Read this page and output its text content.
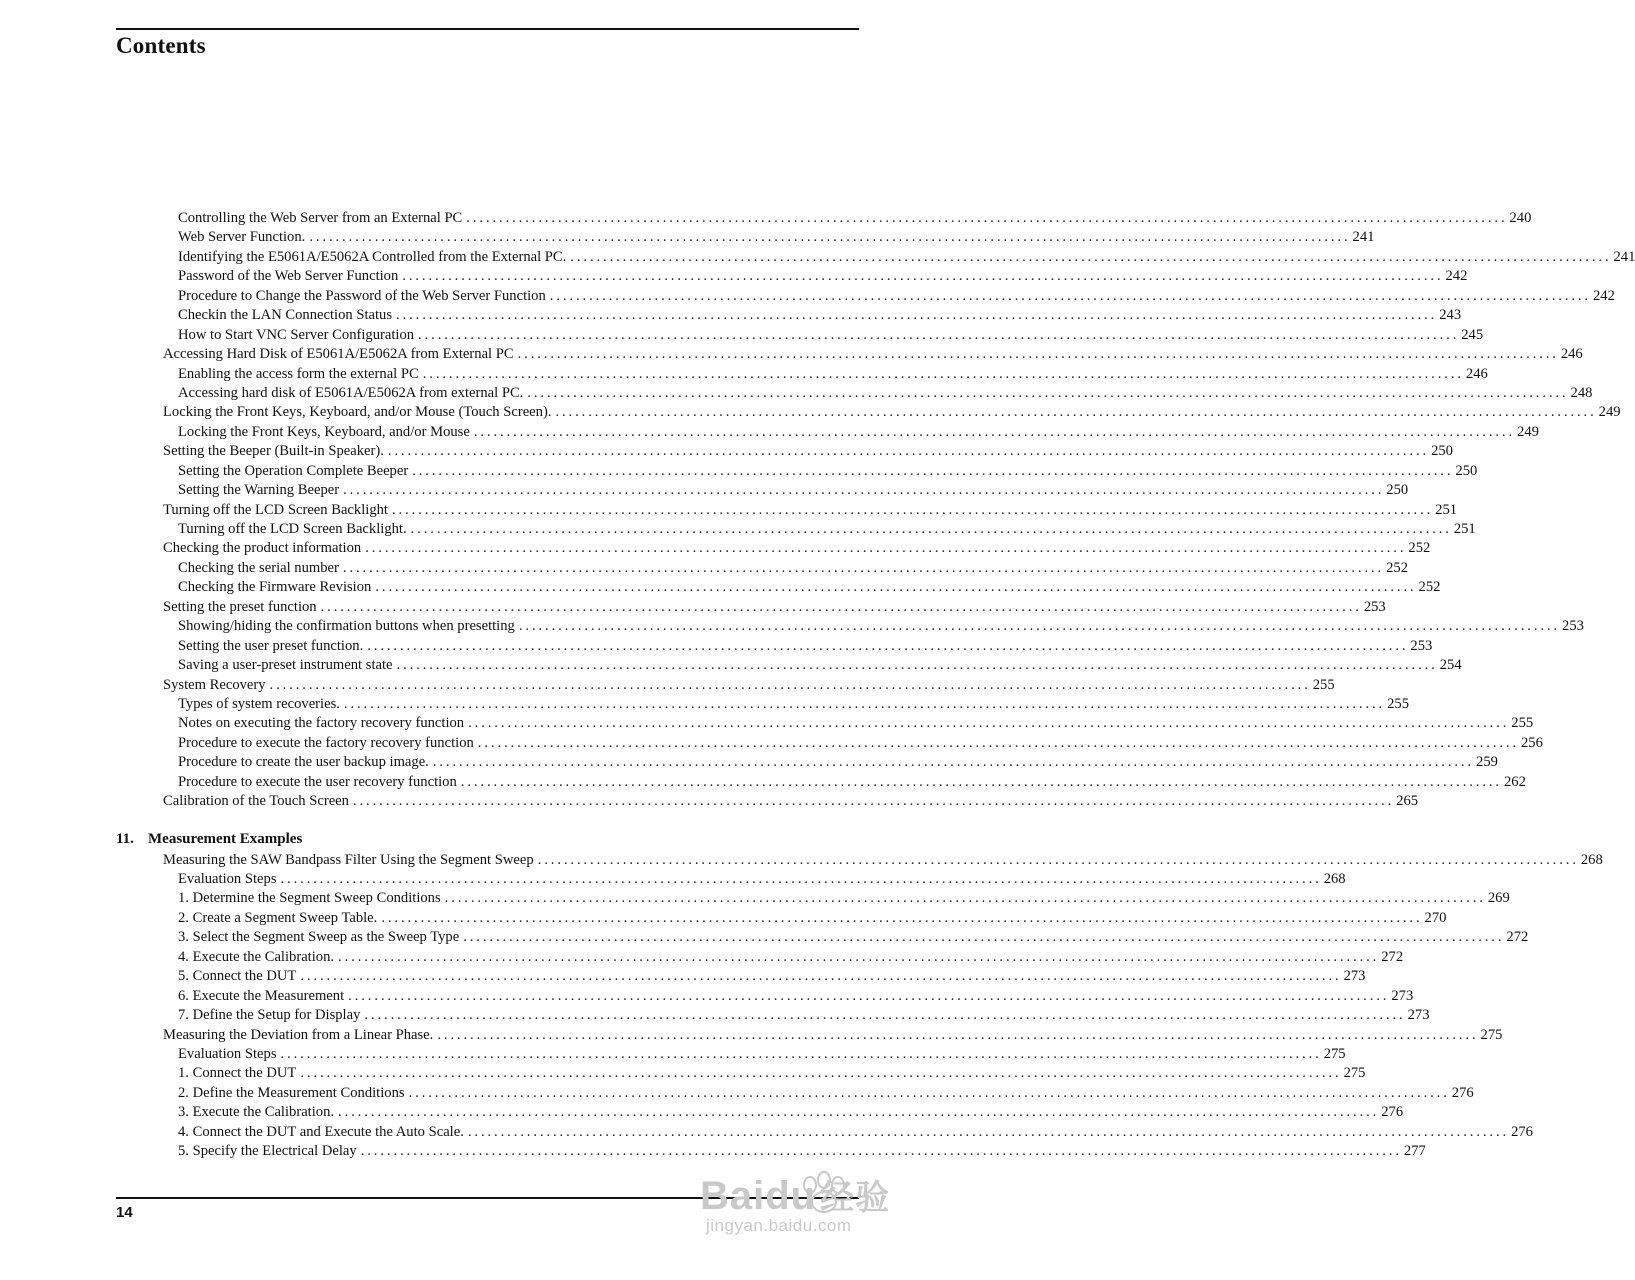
Contents
Controlling the Web Server from an External PC ............................................................................................................................................................... 240
Web Server Function. ............................................................................................................................................................... 241
Identifying the E5061A/E5062A Controlled from the External PC. ............................................................................................................................................................... 241
Password of the Web Server Function ............................................................................................................................................................... 242
Procedure to Change the Password of the Web Server Function ............................................................................................................................................................... 242
Checkin the LAN Connection Status ............................................................................................................................................................... 243
How to Start VNC Server Configuration ............................................................................................................................................................... 245
Accessing Hard Disk of E5061A/E5062A from External PC ............................................................................................................................................................... 246
Enabling the access form the external PC ............................................................................................................................................................... 246
Accessing hard disk of E5061A/E5062A from external PC. ............................................................................................................................................................... 248
Locking the Front Keys, Keyboard, and/or Mouse (Touch Screen). ............................................................................................................................................................... 249
Locking the Front Keys, Keyboard, and/or Mouse ............................................................................................................................................................... 249
Setting the Beeper (Built-in Speaker). ............................................................................................................................................................... 250
Setting the Operation Complete Beeper ............................................................................................................................................................... 250
Setting the Warning Beeper ............................................................................................................................................................... 250
Turning off the LCD Screen Backlight ............................................................................................................................................................... 251
Turning off the LCD Screen Backlight. ............................................................................................................................................................... 251
Checking the product information ............................................................................................................................................................... 252
Checking the serial number ............................................................................................................................................................... 252
Checking the Firmware Revision ............................................................................................................................................................... 252
Setting the preset function ............................................................................................................................................................... 253
Showing/hiding the confirmation buttons when presetting ............................................................................................................................................................... 253
Setting the user preset function. ............................................................................................................................................................... 253
Saving a user-preset instrument state ............................................................................................................................................................... 254
System Recovery ............................................................................................................................................................... 255
Types of system recoveries. ............................................................................................................................................................... 255
Notes on executing the factory recovery function ............................................................................................................................................................... 255
Procedure to execute the factory recovery function ............................................................................................................................................................... 256
Procedure to create the user backup image. ............................................................................................................................................................... 259
Procedure to execute the user recovery function ............................................................................................................................................................... 262
Calibration of the Touch Screen ............................................................................................................................................................... 265
11. Measurement Examples
Measuring the SAW Bandpass Filter Using the Segment Sweep ............................................................................................................................................................... 268
Evaluation Steps ............................................................................................................................................................... 268
1. Determine the Segment Sweep Conditions ............................................................................................................................................................... 269
2. Create a Segment Sweep Table. ............................................................................................................................................................... 270
3. Select the Segment Sweep as the Sweep Type ............................................................................................................................................................... 272
4. Execute the Calibration. ............................................................................................................................................................... 272
5. Connect the DUT ............................................................................................................................................................... 273
6. Execute the Measurement ............................................................................................................................................................... 273
7. Define the Setup for Display ............................................................................................................................................................... 273
Measuring the Deviation from a Linear Phase. ............................................................................................................................................................... 275
Evaluation Steps ............................................................................................................................................................... 275
1. Connect the DUT ............................................................................................................................................................... 275
2. Define the Measurement Conditions ............................................................................................................................................................... 276
3. Execute the Calibration. ............................................................................................................................................................... 276
4. Connect the DUT and Execute the Auto Scale. ............................................................................................................................................................... 276
5. Specify the Electrical Delay ............................................................................................................................................................... 277
14	Baidu 经验
jingyan.baidu.com
